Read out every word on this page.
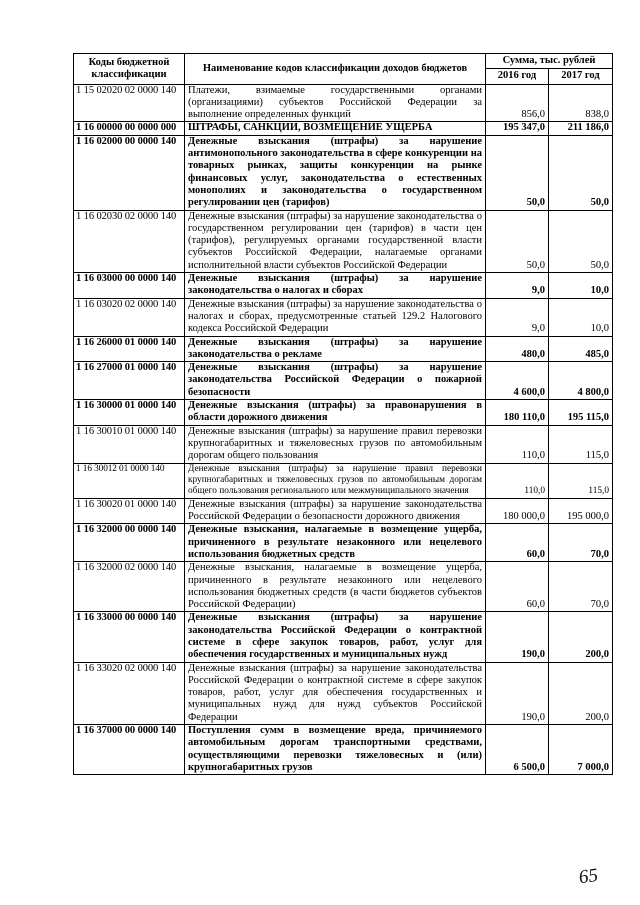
Коды бюджетной классификации	Наименование кодов классификации доходов бюджетов	Сумма, тыс. рублей	
		2016 год	2017 год
1 15 02020 02 0000 140	Платежи, взимаемые государственными органами (организациями) субъектов Российской Федерации за выполнение определенных функций	856,0	838,0
1 16 00000 00 0000 000	ШТРАФЫ, САНКЦИИ, ВОЗМЕЩЕНИЕ УЩЕРБА	195 347,0	211 186,0
1 16 02000 00 0000 140	Денежные взыскания (штрафы) за нарушение антимонопольного законодательства в сфере конкуренции на товарных рынках, защиты конкуренции на рынке финансовых услуг, законодательства о естественных монополиях и законодательства о государственном регулировании цен (тарифов)	50,0	50,0
1 16 02030 02 0000 140	Денежные взыскания (штрафы) за нарушение законодательства о государственном регулировании цен (тарифов) в части цен (тарифов), регулируемых органами государственной власти субъектов Российской Федерации, налагаемые органами исполнительной власти субъектов Российской Федерации	50,0	50,0
1 16 03000 00 0000 140	Денежные взыскания (штрафы) за нарушение законодательства о налогах и сборах	9,0	10,0
1 16 03020 02 0000 140	Денежные взыскания (штрафы) за нарушение законодательства о налогах и сборах, предусмотренные статьей 129.2 Налогового кодекса Российской Федерации	9,0	10,0
1 16 26000 01 0000 140	Денежные взыскания (штрафы) за нарушение законодательства о рекламе	480,0	485,0
1 16 27000 01 0000 140	Денежные взыскания (штрафы) за нарушение законодательства Российской Федерации о пожарной безопасности	4 600,0	4 800,0
1 16 30000 01 0000 140	Денежные взыскания (штрафы) за правонарушения в области дорожного движения	180 110,0	195 115,0
1 16 30010 01 0000 140	Денежные взыскания (штрафы) за нарушение правил перевозки крупногабаритных и тяжеловесных грузов по автомобильным дорогам общего пользования	110,0	115,0
1 16 30012 01 0000 140	Денежные взыскания (штрафы) за нарушение правил перевозки крупногабаритных и тяжеловесных грузов по автомобильным дорогам общего пользования регионального или межмуниципального значения	110,0	115,0
1 16 30020 01 0000 140	Денежные взыскания (штрафы) за нарушение законодательства Российской Федерации о безопасности дорожного движения	180 000,0	195 000,0
1 16 32000 00 0000 140	Денежные взыскания, налагаемые в возмещение ущерба, причиненного в результате незаконного или нецелевого использования бюджетных средств	60,0	70,0
1 16 32000 02 0000 140	Денежные взыскания, налагаемые в возмещение ущерба, причиненного в результате незаконного или нецелевого использования бюджетных средств (в части бюджетов субъектов Российской Федерации)	60,0	70,0
1 16 33000 00 0000 140	Денежные взыскания (штрафы) за нарушение законодательства Российской Федерации о контрактной системе в сфере закупок товаров, работ, услуг для обеспечения государственных и муниципальных нужд	190,0	200,0
1 16 33020 02 0000 140	Денежные взыскания (штрафы) за нарушение законодательства Российской Федерации о контрактной системе в сфере закупок товаров, работ, услуг для обеспечения государственных и муниципальных нужд для нужд субъектов Российской Федерации	190,0	200,0
1 16 37000 00 0000 140	Поступления сумм в возмещение вреда, причиняемого автомобильным дорогам транспортными средствами, осуществляющими перевозки тяжеловесных и (или) крупногабаритных грузов	6 500,0	7 000,0
65
